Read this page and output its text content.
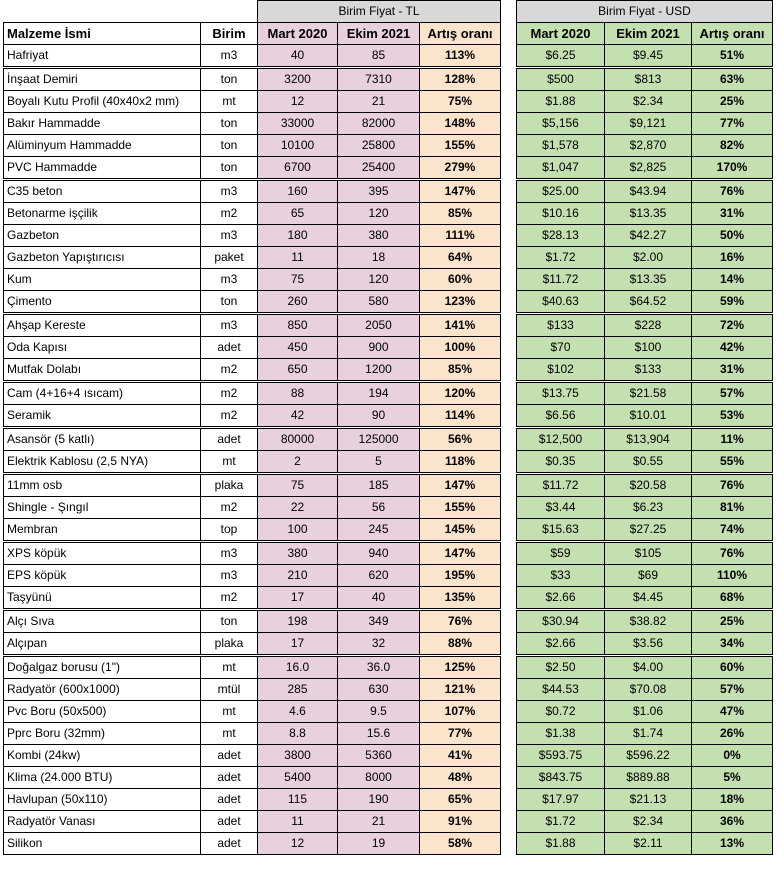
		Birim Fiyat - TL				Birim Fiyat - USD		
Malzeme İsmi	Birim	Mart 2020	Ekim 2021	Artış oranı		Mart 2020	Ekim 2021	Artış oranı
Hafriyat	m3	40	85	113%		$6.25	$9.45	51%
İnşaat Demiri	ton	3200	7310	128%		$500	$813	63%
Boyalı Kutu Profil (40x40x2 mm)	mt	12	21	75%		$1.88	$2.34	25%
Bakır Hammadde	ton	33000	82000	148%		$5,156	$9,121	77%
Alüminyum Hammadde	ton	10100	25800	155%		$1,578	$2,870	82%
PVC Hammadde	ton	6700	25400	279%		$1,047	$2,825	170%
C35 beton	m3	160	395	147%		$25.00	$43.94	76%
Betonarme işçilik	m2	65	120	85%		$10.16	$13.35	31%
Gazbeton	m3	180	380	111%		$28.13	$42.27	50%
Gazbeton Yapıştırıcısı	paket	11	18	64%		$1.72	$2.00	16%
Kum	m3	75	120	60%		$11.72	$13.35	14%
Çimento	ton	260	580	123%		$40.63	$64.52	59%
Ahşap Kereste	m3	850	2050	141%		$133	$228	72%
Oda Kapısı	adet	450	900	100%		$70	$100	42%
Mutfak Dolabı	m2	650	1200	85%		$102	$133	31%
Cam (4+16+4 ısıcam)	m2	88	194	120%		$13.75	$21.58	57%
Seramik	m2	42	90	114%		$6.56	$10.01	53%
Asansör (5 katlı)	adet	80000	125000	56%		$12,500	$13,904	11%
Elektrik Kablosu (2,5 NYA)	mt	2	5	118%		$0.35	$0.55	55%
11mm osb	plaka	75	185	147%		$11.72	$20.58	76%
Shingle - Şıngıl	m2	22	56	155%		$3.44	$6.23	81%
Membran	top	100	245	145%		$15.63	$27.25	74%
XPS köpük	m3	380	940	147%		$59	$105	76%
EPS köpük	m3	210	620	195%		$33	$69	110%
Taşyünü	m2	17	40	135%		$2.66	$4.45	68%
Alçı Sıva	ton	198	349	76%		$30.94	$38.82	25%
Alçıpan	plaka	17	32	88%		$2.66	$3.56	34%
Doğalgaz borusu (1")	mt	16.0	36.0	125%		$2.50	$4.00	60%
Radyatör (600x1000)	mtül	285	630	121%		$44.53	$70.08	57%
Pvc Boru (50x500)	mt	4.6	9.5	107%		$0.72	$1.06	47%
Pprc Boru (32mm)	mt	8.8	15.6	77%		$1.38	$1.74	26%
Kombi (24kw)	adet	3800	5360	41%		$593.75	$596.22	0%
Klima (24.000 BTU)	adet	5400	8000	48%		$843.75	$889.88	5%
Havlupan (50x110)	adet	115	190	65%		$17.97	$21.13	18%
Radyatör Vanası	adet	11	21	91%		$1.72	$2.34	36%
Silikon	adet	12	19	58%		$1.88	$2.11	13%
